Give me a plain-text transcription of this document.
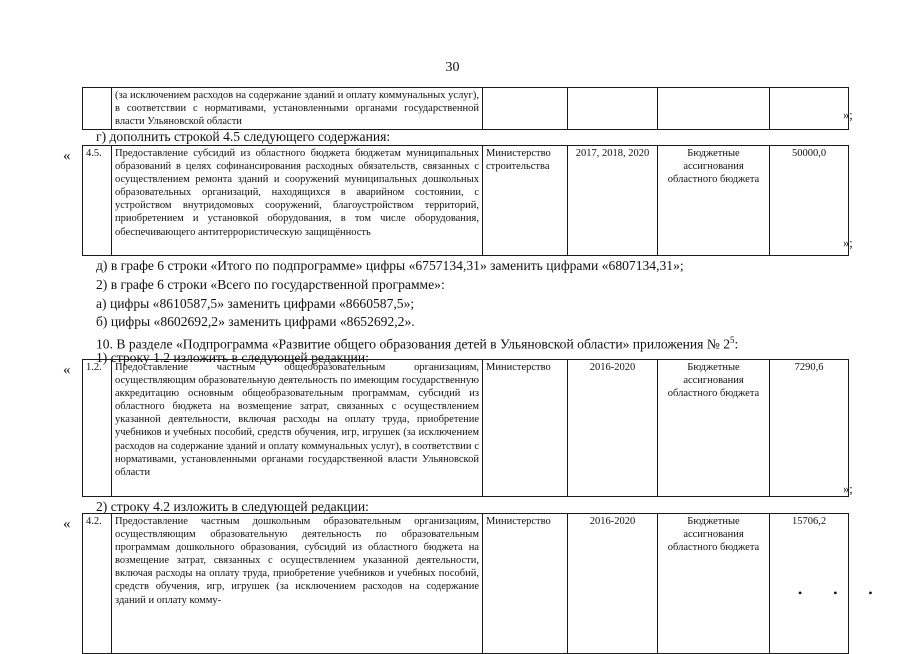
30
	(за исключением расходов на содержание зданий и оплату коммунальных услуг), в соответствии с нормативами, установленными органами государственной власти Ульяновской области					»;
г) дополнить строкой 4.5 следующего содержания:
« 4.5.	Предоставление субсидий из областного бюджета бюджетам муниципальных образований в целях софинансирования расходных обязательств, связанных с осуществлением ремонта зданий и сооружений муниципальных дошкольных образовательных организаций, находящихся в аварийном состоянии, с устройством внутридомовых сооружений, благоустройством территорий, приобретением и установкой оборудования, в том числе оборудования, обеспечивающего антитеррористическую защищённость	Министерство строительства	2017, 2018, 2020	Бюджетные ассигнования областного бюджета	50000,0
»;
д) в графе 6 строки «Итого по подпрограмме» цифры «6757134,31» заменить цифрами «6807134,31»;
2) в графе 6 строки «Всего по государственной программе»:
а) цифры «8610587,5» заменить цифрами «8660587,5»;
б) цифры «8602692,2» заменить цифрами «8652692,2».
10. В разделе «Подпрограмма «Развитие общего образования детей в Ульяновской области» приложения № $2^5$:
1) строку 1.2 изложить в следующей редакции:
« 1.2.	Предоставление частным общеобразовательным организациям, осуществляющим образовательную деятельность по имеющим государственную аккредитацию основным общеобразовательным программам, субсидий из областного бюджета на возмещение затрат, связанных с осуществлением указанной деятельности, включая расходы на оплату труда, приобретение учебников и учебных пособий, средств обучения, игр, игрушек (за исключением расходов на содержание зданий и оплату коммунальных услуг), в соответствии с нормативами, установленными органами государственной власти Ульяновской области	Министерство	2016-2020	Бюджетные ассигнования областного бюджета	7290,6
»;
2) строку 4.2 изложить в следующей редакции:
« 4.2.	Предоставление частным дошкольным образовательным организациям, осуществляющим образовательную деятельность по образовательным программам дошкольного образования, субсидий из областного бюджета на возмещение затрат, связанных с осуществлением указанной деятельности, включая расходы на оплату труда, приобретение учебников и учебных пособий, средств обучения, игр, игрушек (за исключением расходов на содержание зданий и оплату комму-	Министерство	2016-2020	Бюджетные ассигнования областного бюджета	15706,2
• • •
